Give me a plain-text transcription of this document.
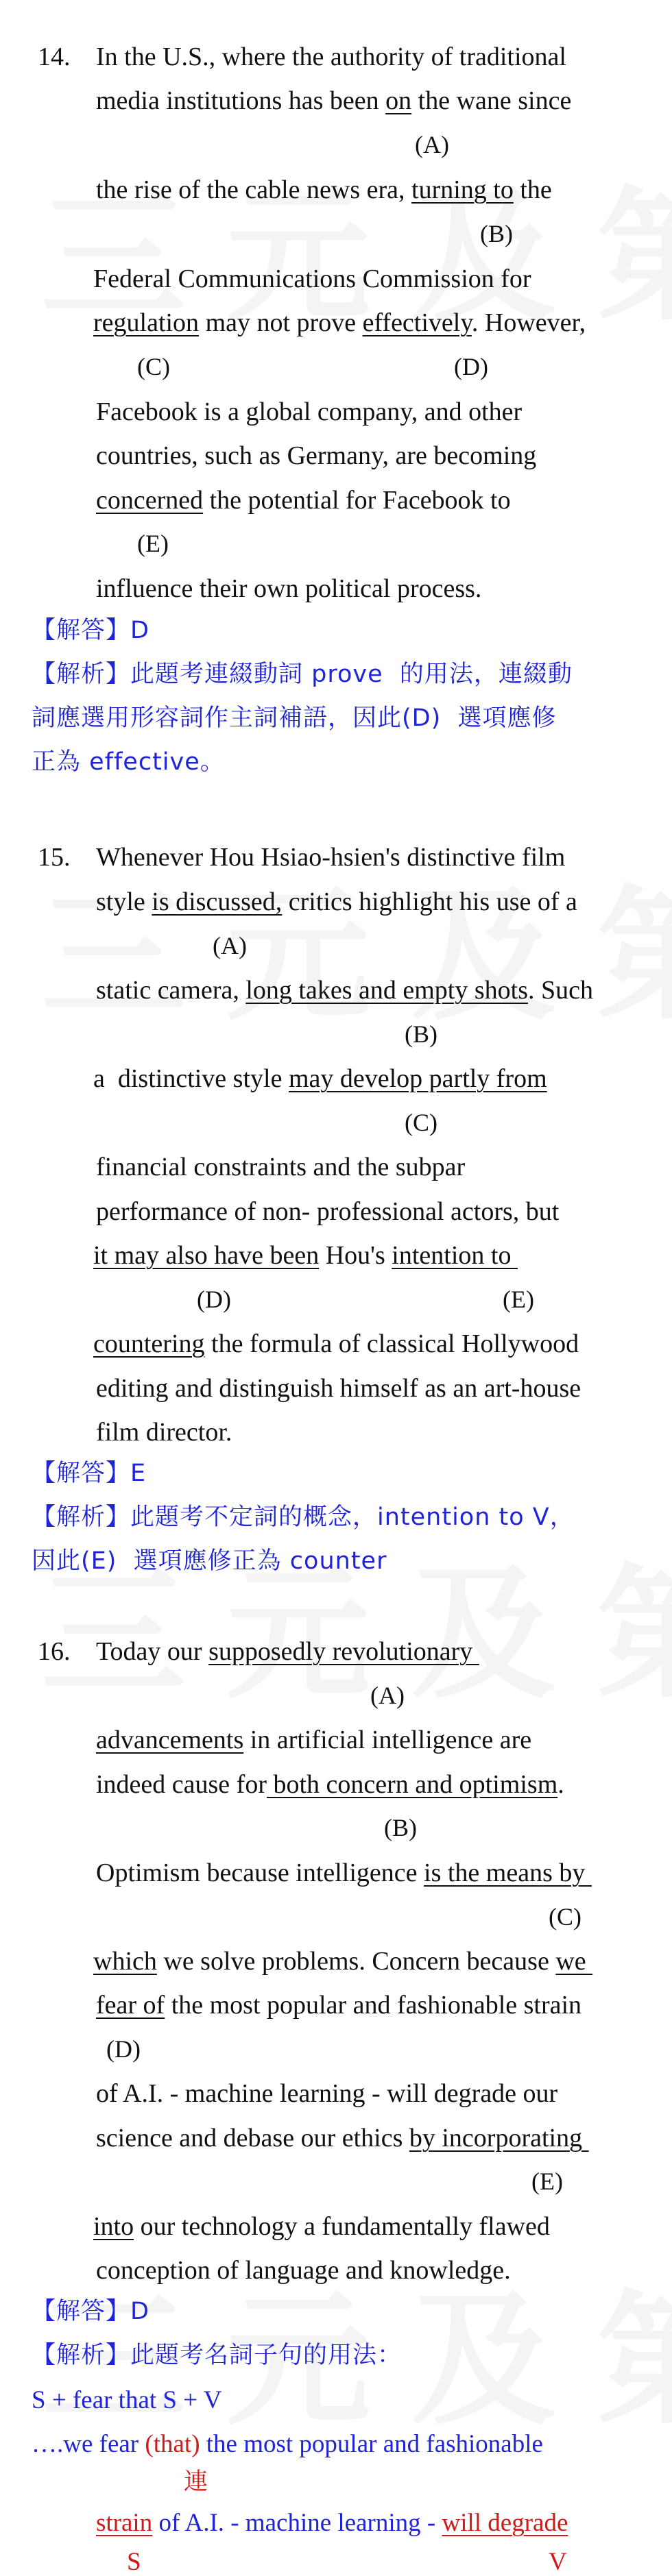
14. In the U.S., where the authority of traditional
media institutions has been on the wane since
(A)
the rise of the cable news era, turning to the
(B)
Federal Communications Commission for
regulation may not prove effectively. However,
(C)	(D)
Facebook is a global company, and other
countries, such as Germany, are becoming
concerned the potential for Facebook to
(E)
influence their own political process.
【解答】D
【解析】此題考連綴動詞 prove  的用法，連綴動
詞應選用形容詞作主詞補語，因此(D)  選項應修
正為 effective。
15. Whenever Hou Hsiao-hsien's distinctive film
style is discussed, critics highlight his use of a
(A)
static camera, long takes and empty shots. Such
(B)
a  distinctive style may develop partly from
(C)
financial constraints and the subpar
performance of non- professional actors, but
it may also have been Hou's intention to
(D)	(E)
countering the formula of classical Hollywood
editing and distinguish himself as an art-house
film director.
【解答】E
【解析】此題考不定詞的概念，intention to V，
因此(E)  選項應修正為 counter
16. Today our supposedly revolutionary
(A)
advancements in artificial intelligence are
indeed cause for both concern and optimism.
(B)
Optimism because intelligence is the means by
(C)
which we solve problems. Concern because we
fear of the most popular and fashionable strain
(D)
of A.I. - machine learning - will degrade our
science and debase our ethics by incorporating
(E)
into our technology a fundamentally flawed
conception of language and knowledge.
【解答】D
【解析】此題考名詞子句的用法：
S + fear that S + V
….we fear (that) the most popular and fashionable
連
strain of A.I. - machine learning - will degrade
S	V
